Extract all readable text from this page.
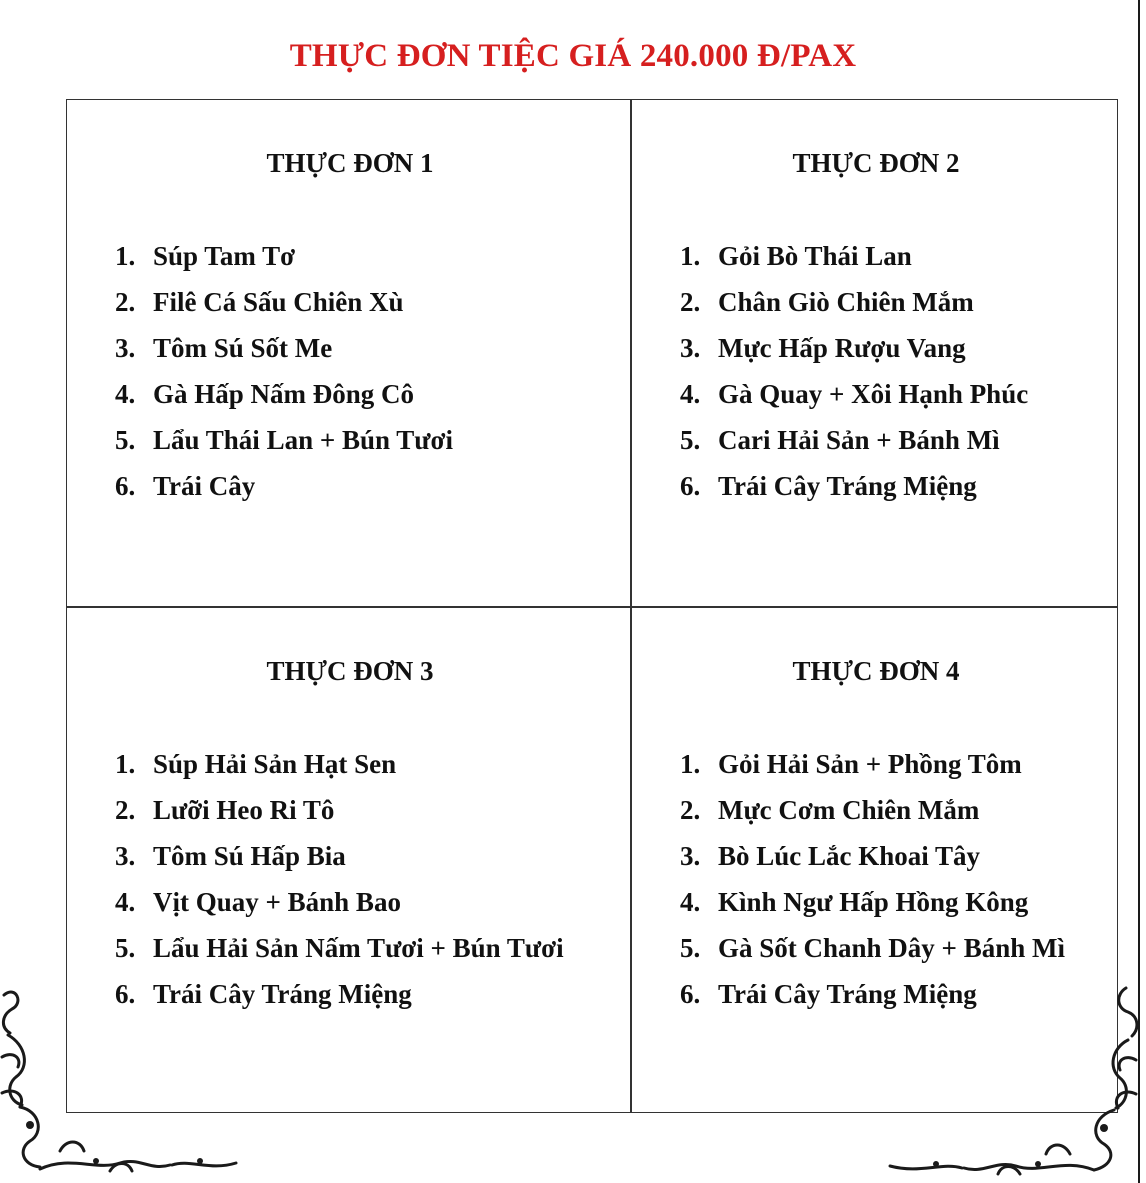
THỰC ĐƠN TIỆC GIÁ 240.000 Đ/PAX
THỰC ĐƠN 1
1. Súp Tam Tơ
2. Filê Cá Sấu Chiên Xù
3. Tôm Sú Sốt Me
4. Gà Hấp Nấm Đông Cô
5. Lẩu Thái Lan + Bún Tươi
6. Trái Cây
THỰC ĐƠN 2
1. Gỏi Bò Thái Lan
2. Chân Giò Chiên Mắm
3. Mực Hấp Rượu Vang
4. Gà Quay + Xôi Hạnh Phúc
5. Cari Hải Sản + Bánh Mì
6. Trái Cây Tráng Miệng
THỰC ĐƠN 3
1. Súp Hải Sản Hạt Sen
2. Lưỡi Heo Ri Tô
3. Tôm Sú Hấp Bia
4. Vịt Quay + Bánh Bao
5. Lẩu Hải Sản Nấm Tươi + Bún Tươi
6. Trái Cây Tráng Miệng
THỰC ĐƠN 4
1. Gỏi Hải Sản + Phồng Tôm
2. Mực Cơm Chiên Mắm
3. Bò Lúc Lắc Khoai Tây
4. Kình Ngư Hấp Hồng Kông
5. Gà Sốt Chanh Dây + Bánh Mì
6. Trái Cây Tráng Miệng
